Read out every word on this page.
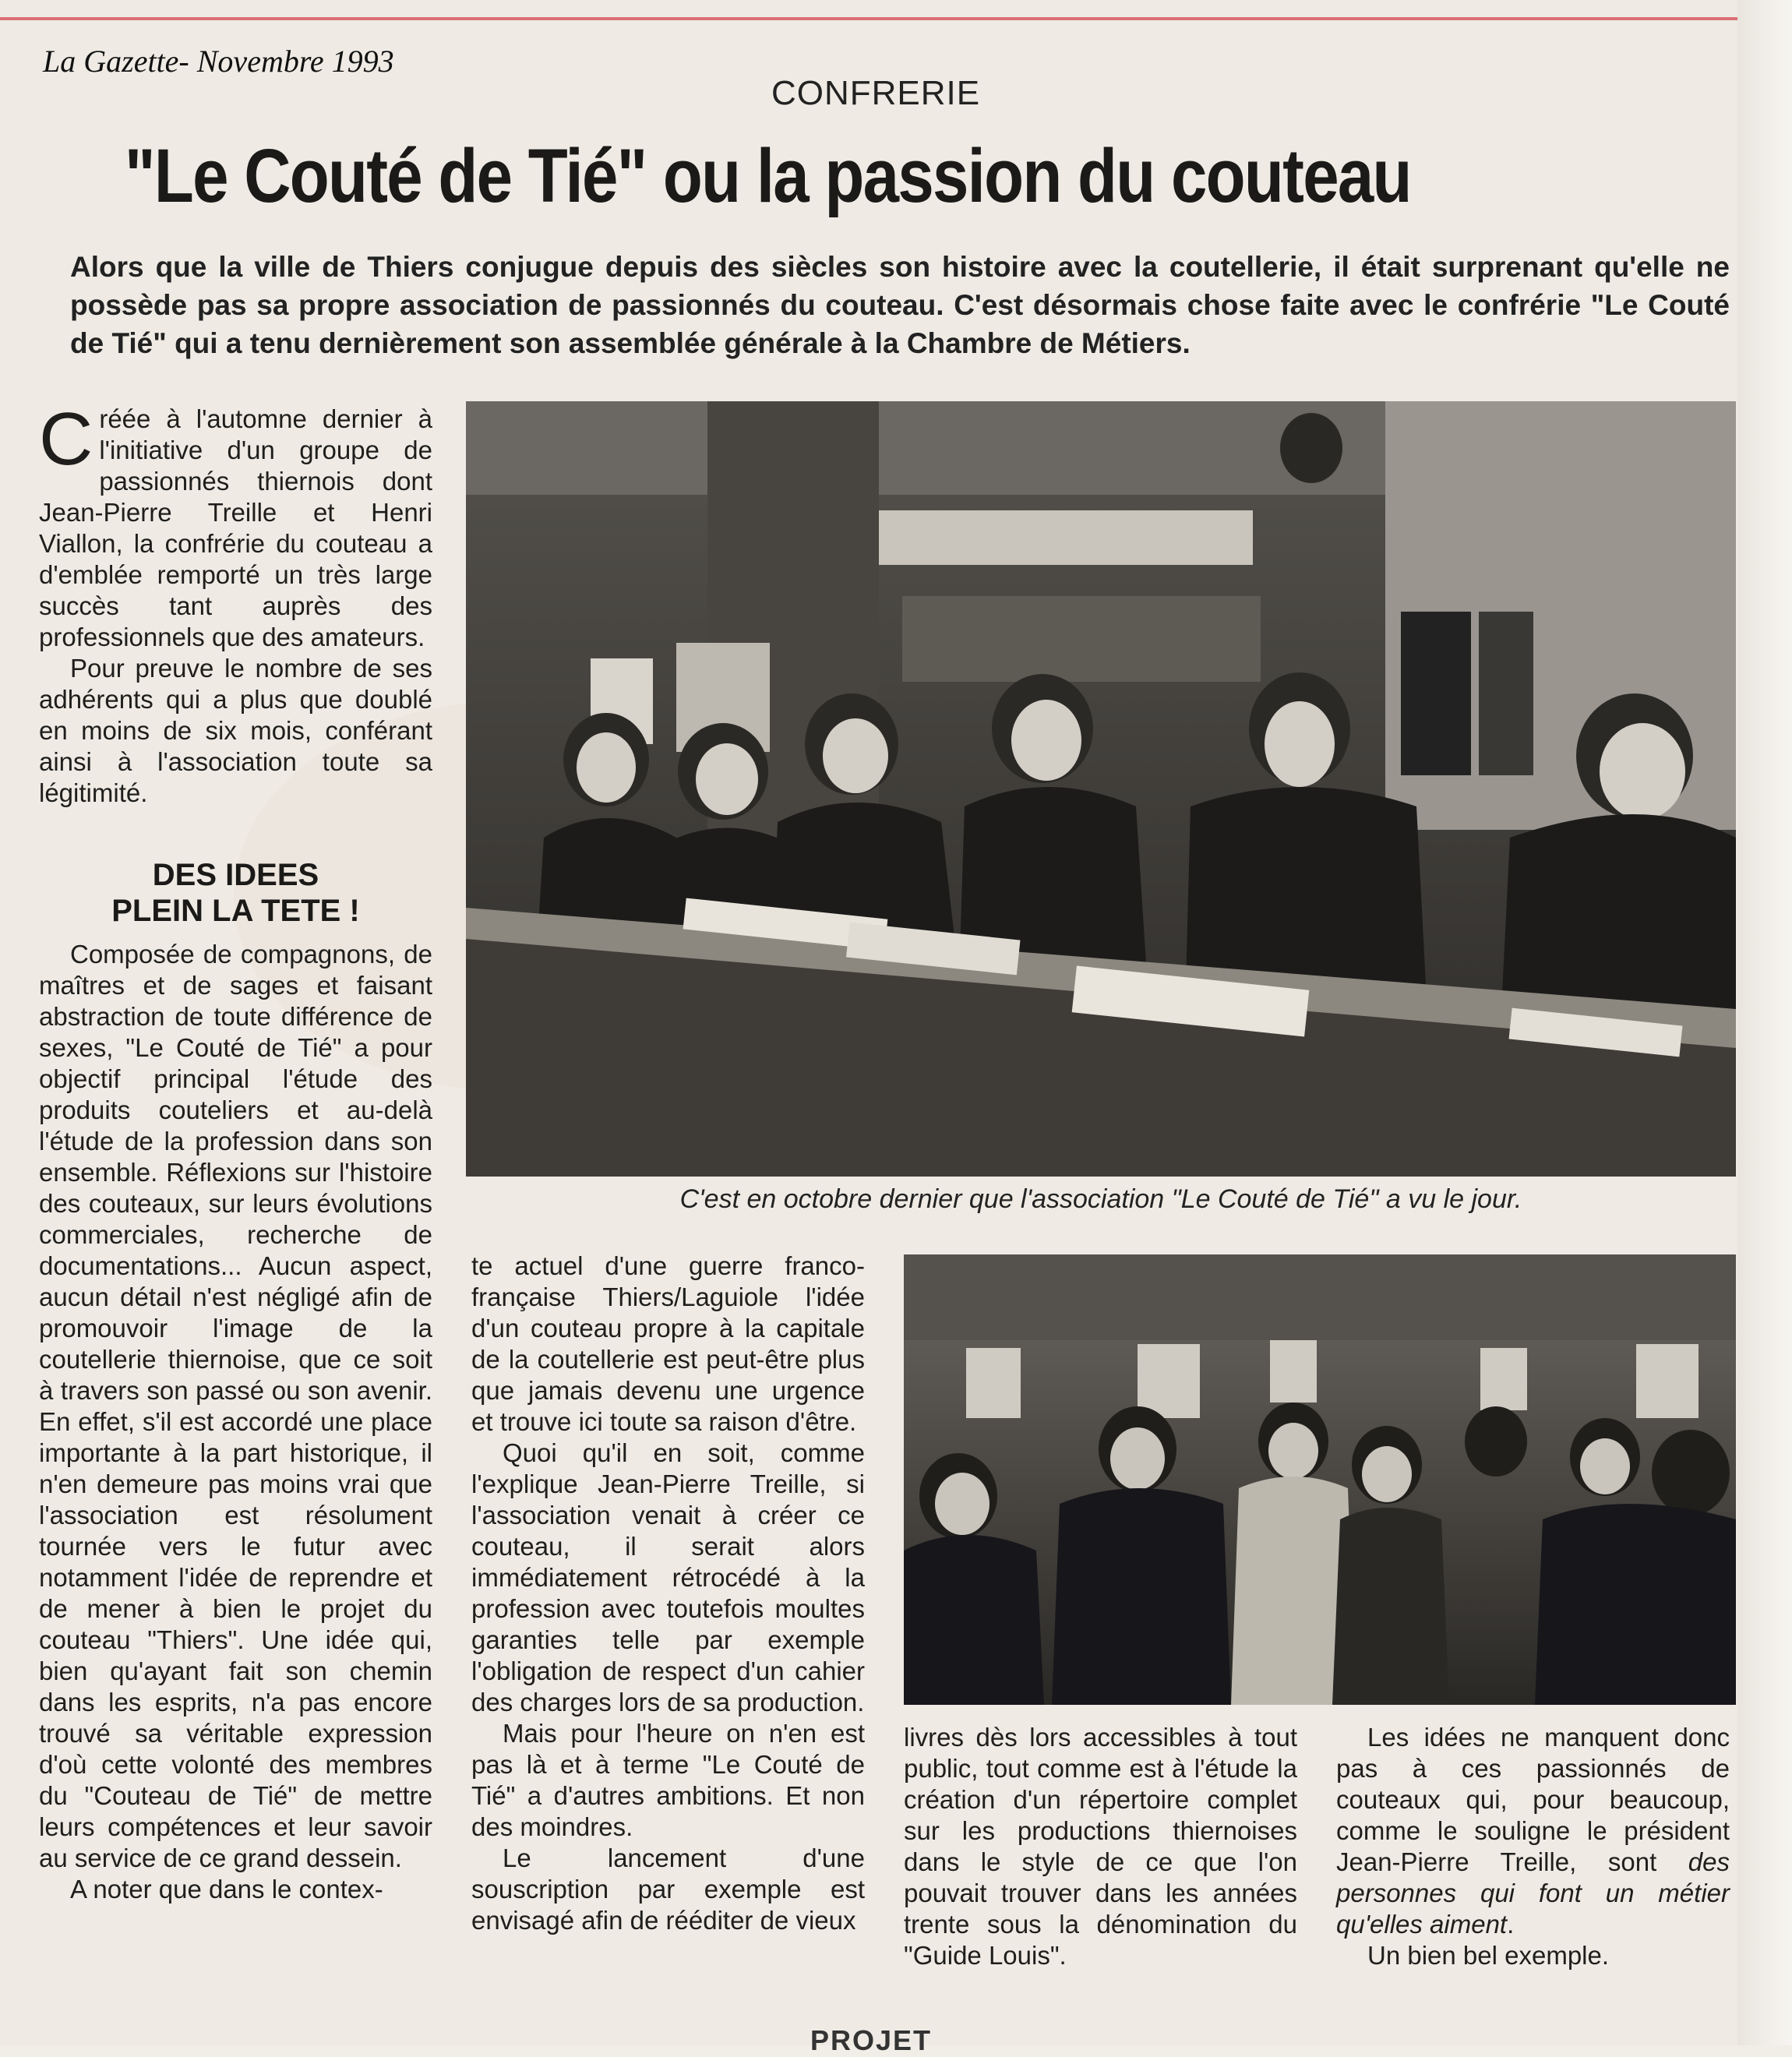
La Gazette- Novembre 1993
CONFRERIE
"Le Couté de Tié" ou la passion du couteau
Alors que la ville de Thiers conjugue depuis des siècles son histoire avec la coutellerie, il était surprenant qu'elle ne possède pas sa propre association de passionnés du couteau. C'est désormais chose faite avec le confrérie "Le Couté de Tié" qui a tenu dernièrement son assemblée générale à la Chambre de Métiers.

Créée à l'automne dernier à l'initiative d'un groupe de passionnés thiernois dont Jean-Pierre Treille et Henri Viallon, la confrérie du couteau a d'emblée remporté un très large succès tant auprès des professionnels que des amateurs.

Pour preuve le nombre de ses adhérents qui a plus que doublé en moins de six mois, conférant ainsi à l'association toute sa légitimité.

DES IDEES
PLEIN LA TETE !

Composée de compagnons, de maîtres et de sages et faisant abstraction de toute différence de sexes, "Le Couté de Tié" a pour objectif principal l'étude des produits couteliers et au-delà l'étude de la profession dans son ensemble. Réflexions sur l'histoire des couteaux, sur leurs évolutions commerciales, recherche de documentations... Aucun aspect, aucun détail n'est négligé afin de promouvoir l'image de la coutellerie thiernoise, que ce soit à travers son passé ou son avenir. En effet, s'il est accordé une place importante à la part historique, il n'en demeure pas moins vrai que l'association est résolument tournée vers le futur avec notamment l'idée de reprendre et de mener à bien le projet du couteau "Thiers". Une idée qui, bien qu'ayant fait son chemin dans les esprits, n'a pas encore trouvé sa véritable expression d'où cette volonté des membres du "Couteau de Tié" de mettre leurs compétences et leur savoir au service de ce grand dessein.

A noter que dans le contex-

te actuel d'une guerre franco-française Thiers/Laguiole l'idée d'un couteau propre à la capitale de la coutellerie est peut-être plus que jamais devenu une urgence et trouve ici toute sa raison d'être.

Quoi qu'il en soit, comme l'explique Jean-Pierre Treille, si l'association venait à créer ce couteau, il serait alors immédiatement rétrocédé à la profession avec toutefois moultes garanties telle par exemple l'obligation de respect d'un cahier des charges lors de sa production.

Mais pour l'heure on n'en est pas là et à terme "Le Couté de Tié" a d'autres ambitions. Et non des moindres.

Le lancement d'une souscription par exemple est envisagé afin de rééditer de vieux

livres dès lors accessibles à tout public, tout comme est à l'étude la création d'un répertoire complet sur les productions thiernoises dans le style de ce que l'on pouvait trouver dans les années trente sous la dénomination du "Guide Louis".

Les idées ne manquent donc pas à ces passionnés de couteaux qui, pour beaucoup, comme le souligne le président Jean-Pierre Treille, sont des personnes qui font un métier qu'elles aiment.

Un bien bel exemple.

C'est en octobre dernier que l'association "Le Couté de Tié" a vu le jour.
PROJET
